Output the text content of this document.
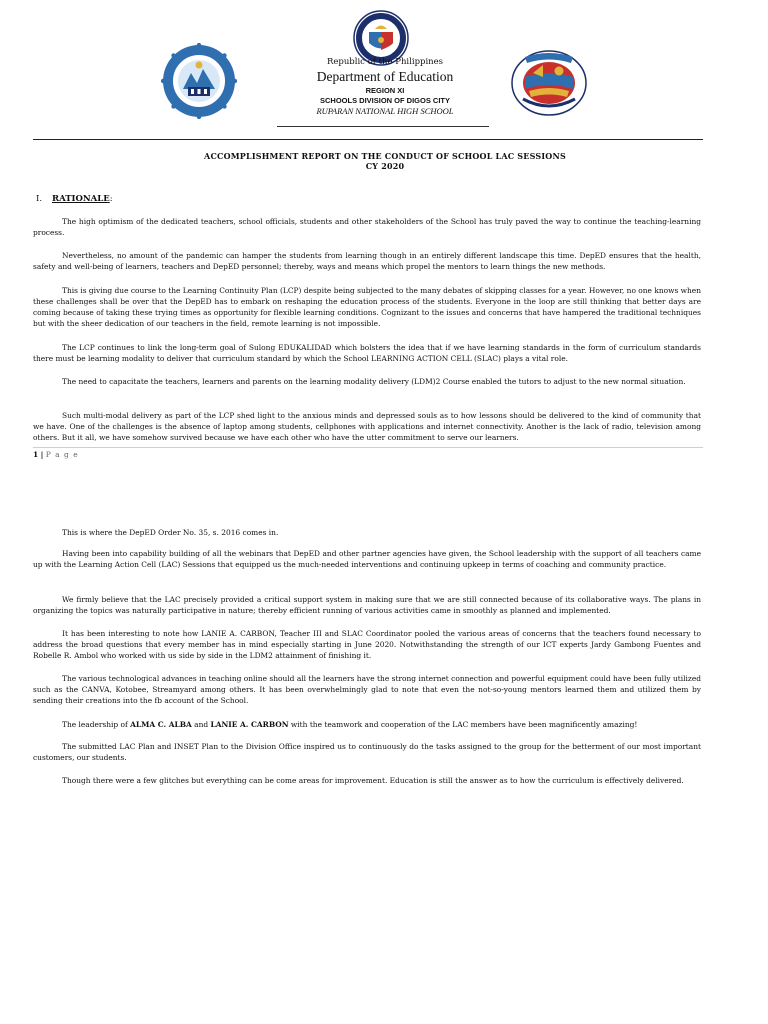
Republic of the Philippines
Department of Education
REGION XI
SCHOOLS DIVISION OF DIGOS CITY
RUPARAN NATIONAL HIGH SCHOOL
ACCOMPLISHMENT REPORT ON THE CONDUCT OF SCHOOL LAC SESSIONS
CY 2020
I. RATIONALE:

The high optimism of the dedicated teachers, school officials, students and other stakeholders of the School has truly paved the way to continue the teaching-learning process.

Nevertheless, no amount of the pandemic can hamper the students from learning though in an entirely different landscape this time. DepED ensures that the health, safety and well-being of learners, teachers and DepED personnel; thereby, ways and means which propel the mentors to learn things the new methods.

This is giving due course to the Learning Continuity Plan (LCP) despite being subjected to the many debates of skipping classes for a year. However, no one knows when these challenges shall be over that the DepED has to embark on reshaping the education process of the students. Everyone in the loop are still thinking that better days are coming because of taking these trying times as opportunity for flexible learning conditions. Cognizant to the issues and concerns that have hampered the traditional techniques but with the sheer dedication of our teachers in the field, remote learning is not impossible.

The LCP continues to link the long-term goal of Sulong EDUKALIDAD which bolsters the idea that if we have learning standards in the form of curriculum standards there must be learning modality to deliver that curriculum standard by which the School LEARNING ACTION CELL (SLAC) plays a vital role.

The need to capacitate the teachers, learners and parents on the learning modality delivery (LDM)2 Course enabled the tutors to adjust to the new normal situation.

Such multi-modal delivery as part of the LCP shed light to the anxious minds and depressed souls as to how lessons should be delivered to the kind of community that we have. One of the challenges is the absence of laptop among students, cellphones with applications and internet connectivity. Another is the lack of radio, television among others. But it all, we have somehow survived because we have each other who have the utter commitment to serve our learners.

1 | P a g e

This is where the DepED Order No. 35, s. 2016 comes in.

Having been into capability building of all the webinars that DepED and other partner agencies have given, the School leadership with the support of all teachers came up with the Learning Action Cell (LAC) Sessions that equipped us the much-needed interventions and continuing upkeep in terms of coaching and community practice.

We firmly believe that the LAC precisely provided a critical support system in making sure that we are still connected because of its collaborative ways. The plans in organizing the topics was naturally participative in nature; thereby efficient running of various activities came in smoothly as planned and implemented.

It has been interesting to note how LANIE A. CARBON, Teacher III and SLAC Coordinator pooled the various areas of concerns that the teachers found necessary to address the broad questions that every member has in mind especially starting in June 2020. Notwithstanding the strength of our ICT experts Jardy Gambong Fuentes and Robelle R. Ambol who worked with us side by side in the LDM2 attainment of finishing it.

The various technological advances in teaching online should all the learners have the strong internet connection and powerful equipment could have been fully utilized such as the CANVA, Kotobee, Streamyard among others. It has been overwhelmingly glad to note that even the not-so-young mentors learned them and utilized them by sending their creations into the fb account of the School.

The leadership of ALMA C. ALBA and LANIE A. CARBON with the teamwork and cooperation of the LAC members have been magnificently amazing!

The submitted LAC Plan and INSET Plan to the Division Office inspired us to continuously do the tasks assigned to the group for the betterment of our most important customers, our students.

Though there were a few glitches but everything can be come areas for improvement. Education is still the answer as to how the curriculum is effectively delivered.
